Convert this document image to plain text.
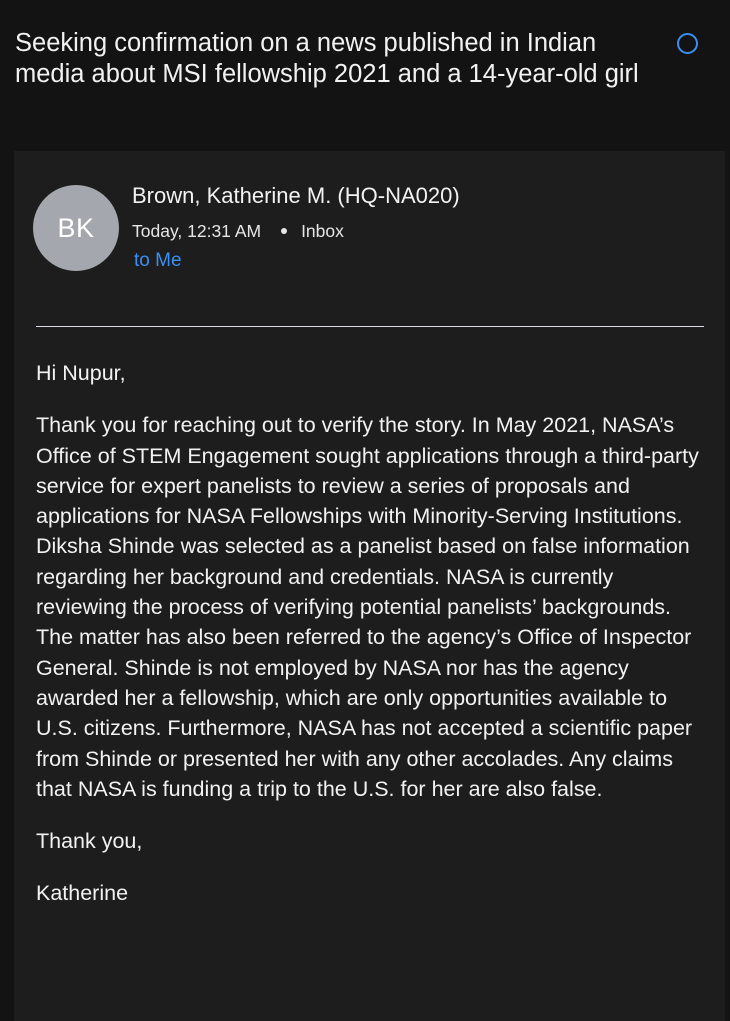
Seeking confirmation on a news published in Indian media about MSI fellowship 2021 and a 14-year-old girl
BK
Brown, Katherine M. (HQ-NA020)
Today, 12:31 AM Inbox
to Me

Hi Nupur,

Thank you for reaching out to verify the story. In May 2021, NASA’s Office of STEM Engagement sought applications through a third-party service for expert panelists to review a series of proposals and applications for NASA Fellowships with Minority-Serving Institutions. Diksha Shinde was selected as a panelist based on false information regarding her background and credentials. NASA is currently reviewing the process of verifying potential panelists’ backgrounds. The matter has also been referred to the agency’s Office of Inspector General. Shinde is not employed by NASA nor has the agency awarded her a fellowship, which are only opportunities available to U.S. citizens. Furthermore, NASA has not accepted a scientific paper from Shinde or presented her with any other accolades. Any claims that NASA is funding a trip to the U.S. for her are also false.

Thank you,

Katherine
